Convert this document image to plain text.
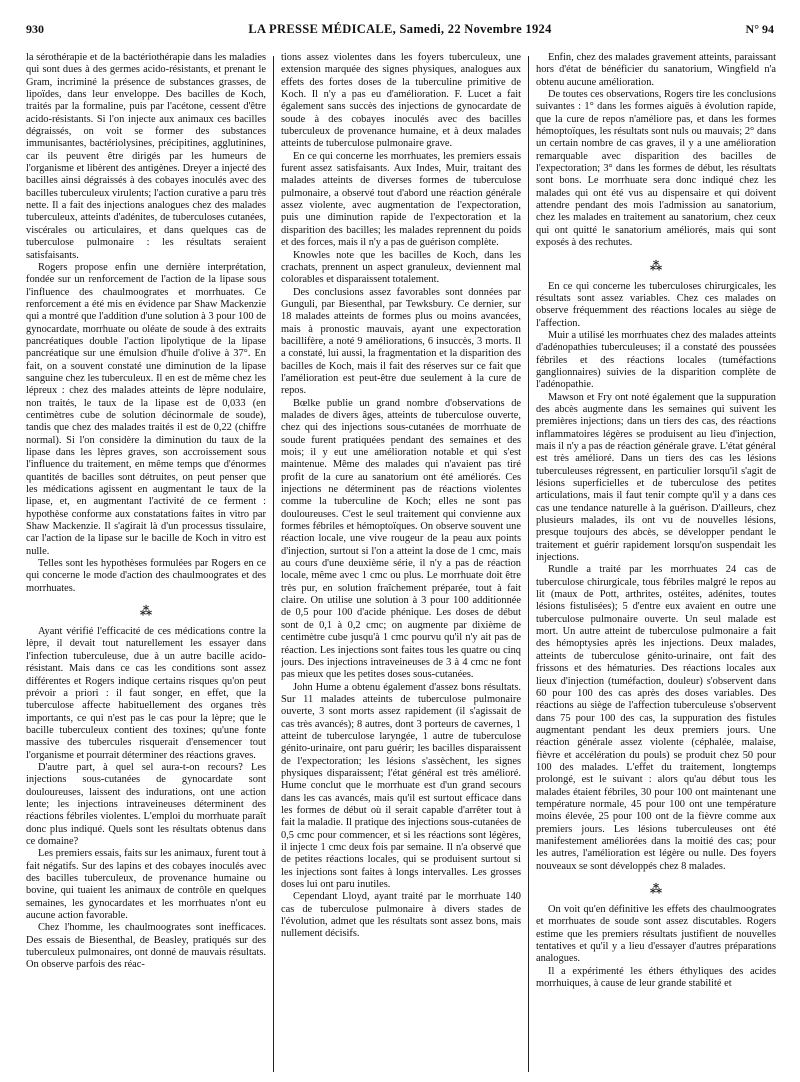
930	LA PRESSE MÉDICALE, Samedi, 22 Novembre 1924	N° 94

la sérothérapie et de la bactériothérapie dans les maladies qui sont dues à des germes acido-résistants, et prenant le Gram, incriminé la présence de substances grasses, de lipoïdes, dans leur enveloppe. Des bacilles de Koch, traités par la formaline, puis par l'acétone, cessent d'être acido-résistants. Si l'on injecte aux animaux ces bacilles dégraissés, on voit se former des substances immunisantes, bactériolysines, précipitines, agglutinines, car ils peuvent être dirigés par les humeurs de l'organisme et libèrent des antigènes. Dreyer a injecté des bacilles ainsi dégraissés à des cobayes inoculés avec des bacilles tuberculeux virulents; l'action curative a paru très nette. Il a fait des injections analogues chez des malades tuberculeux, atteints d'adénites, de tuberculoses cutanées, viscérales ou articulaires, et dans quelques cas de tuberculose pulmonaire : les résultats seraient satisfaisants.

Rogers propose enfin une dernière interprétation, fondée sur un renforcement de l'action de la lipase sous l'influence des chaulmoogrates et morrhuates. Ce renforcement a été mis en évidence par Shaw Mackenzie qui a montré que l'addition d'une solution à 3 pour 100 de gynocardate, morrhuate ou oléate de soude à des extraits pancréatiques double l'action lipolytique de la lipase pancréatique sur une émulsion d'huile d'olive à 37°. En fait, on a souvent constaté une diminution de la lipase sanguine chez les tuberculeux. Il en est de même chez les lépreux : chez des malades atteints de lèpre nodulaire, non traités, le taux de la lipase est de 0,033 (en centimètres cube de solution décinormale de soude), tandis que chez des malades traités il est de 0,22 (chiffre normal). Si l'on considère la diminution du taux de la lipase dans les lèpres graves, son accroissement sous l'influence du traitement, en même temps que d'énormes quantités de bacilles sont détruites, on peut penser que les médications agissent en augmentant le taux de la lipase, et, en augmentant l'activité de ce ferment : hypothèse conforme aux constatations faites in vitro par Shaw Mackenzie. Il s'agirait là d'un processus tissulaire, car l'action de la lipase sur le bacille de Koch in vitro est nulle.

Telles sont les hypothèses formulées par Rogers en ce qui concerne le mode d'action des chaulmoogrates et des morrhuates.

⁂

Ayant vérifié l'efficacité de ces médications contre la lèpre, il devait tout naturellement les essayer dans l'infection tuberculeuse, due à un autre bacille acido-résistant. Mais dans ce cas les conditions sont assez différentes et Rogers indique certains risques qu'on peut prévoir a priori : il faut songer, en effet, que la tuberculose affecte habituellement des organes très importants, ce qui n'est pas le cas pour la lèpre; que le bacille tuberculeux contient des toxines; qu'une fonte massive des tubercules risquerait d'ensemencer tout l'organisme et pourrait déterminer des réactions graves.

D'autre part, à quel sel aura-t-on recours? Les injections sous-cutanées de gynocardate sont douloureuses, laissent des indurations, ont une action lente; les injections intraveineuses déterminent des réactions fébriles violentes. L'emploi du morrhuate paraît donc plus indiqué. Quels sont les résultats obtenus dans ce domaine?

Les premiers essais, faits sur les animaux, furent tout à fait négatifs. Sur des lapins et des cobayes inoculés avec des bacilles tuberculeux, de provenance humaine ou bovine, qui tuaient les animaux de contrôle en quelques semaines, les gynocardates et les morrhuates n'ont eu aucune action favorable.

Chez l'homme, les chaulmoogrates sont inefficaces. Des essais de Biesenthal, de Beasley, pratiqués sur des tuberculeux pulmonaires, ont donné de mauvais résultats. On observe parfois des réac-

tions assez violentes dans les foyers tuberculeux, une extension marquée des signes physiques, analogues aux effets des fortes doses de la tuberculine primitive de Koch. Il n'y a pas eu d'amélioration. F. Lucet a fait également sans succès des injections de gynocardate de soude à des cobayes inoculés avec des bacilles tuberculeux de provenance humaine, et à deux malades atteints de tuberculose pulmonaire grave.

En ce qui concerne les morrhuates, les premiers essais furent assez satisfaisants. Aux Indes, Muir, traitant des malades atteints de diverses formes de tuberculose pulmonaire, a observé tout d'abord une réaction générale assez violente, avec augmentation de l'expectoration, puis une diminution rapide de l'expectoration et la disparition des bacilles; les malades reprennent du poids et des forces, mais il n'y a pas de guérison complète.

Knowles note que les bacilles de Koch, dans les crachats, prennent un aspect granuleux, deviennent mal colorables et disparaissent totalement.

Des conclusions assez favorables sont données par Gunguli, par Biesenthal, par Tewksbury. Ce dernier, sur 18 malades atteints de formes plus ou moins avancées, mais à pronostic mauvais, ayant une expectoration bacillifère, a noté 9 améliorations, 6 insuccès, 3 morts. Il a constaté, lui aussi, la fragmentation et la disparition des bacilles de Koch, mais il fait des réserves sur ce fait que l'amélioration est peut-être due seulement à la cure de repos.

Bœlke publie un grand nombre d'observations de malades de divers âges, atteints de tuberculose ouverte, chez qui des injections sous-cutanées de morrhuate de soude furent pratiquées pendant des semaines et des mois; il y eut une amélioration notable et qui s'est maintenue. Même des malades qui n'avaient pas tiré profit de la cure au sanatorium ont été améliorés. Ces injections ne déterminent pas de réactions violentes comme la tuberculine de Koch; elles ne sont pas douloureuses. C'est le seul traitement qui convienne aux formes fébriles et hémoptoïques. On observe souvent une réaction locale, une vive rougeur de la peau aux points d'injection, surtout si l'on a atteint la dose de 1 cmc, mais au cours d'une deuxième série, il n'y a pas de réaction locale, même avec 1 cmc ou plus. Le morrhuate doit être très pur, en solution fraîchement préparée, tout à fait claire. On utilise une solution à 3 pour 100 additionnée de 0,5 pour 100 d'acide phénique. Les doses de début sont de 0,1 à 0,2 cmc; on augmente par dixième de centimètre cube jusqu'à 1 cmc pourvu qu'il n'y ait pas de réaction. Les injections sont faites tous les quatre ou cinq jours. Des injections intraveineuses de 3 à 4 cmc ne font pas mieux que les petites doses sous-cutanées.

John Hume a obtenu également d'assez bons résultats. Sur 11 malades atteints de tuberculose pulmonaire ouverte, 3 sont morts assez rapidement (il s'agissait de cas très avancés); 8 autres, dont 3 porteurs de cavernes, 1 atteint de tuberculose laryngée, 1 autre de tuberculose génito-urinaire, ont paru guérir; les bacilles disparaissent de l'expectoration; les lésions s'assèchent, les signes physiques disparaissent; l'état général est très amélioré. Hume conclut que le morrhuate est d'un grand secours dans les cas avancés, mais qu'il est surtout efficace dans les formes de début où il serait capable d'arrêter tout à fait la maladie. Il pratique des injections sous-cutanées de 0,5 cmc pour commencer, et si les réactions sont légères, il injecte 1 cmc deux fois par semaine. Il n'a observé que de petites réactions locales, qui se produisent surtout si les injections sont faites à longs intervalles. Les grosses doses lui ont paru inutiles.

Cependant Lloyd, ayant traité par le morrhuate 140 cas de tuberculose pulmonaire à divers stades de l'évolution, admet que les résultats sont assez bons, mais nullement décisifs.

Enfin, chez des malades gravement atteints, paraissant hors d'état de bénéficier du sanatorium, Wingfield n'a obtenu aucune amélioration.

De toutes ces observations, Rogers tire les conclusions suivantes : 1° dans les formes aiguës à évolution rapide, que la cure de repos n'améliore pas, et dans les formes hémoptoïques, les résultats sont nuls ou mauvais; 2° dans un certain nombre de cas graves, il y a une amélioration remarquable avec disparition des bacilles de l'expectoration; 3° dans les formes de début, les résultats sont bons. Le morrhuate sera donc indiqué chez les malades qui ont été vus au dispensaire et qui doivent attendre pendant des mois l'admission au sanatorium, chez les malades en traitement au sanatorium, chez ceux qui ont quitté le sanatorium améliorés, mais qui sont exposés à des rechutes.

⁂

En ce qui concerne les tuberculoses chirurgicales, les résultats sont assez variables. Chez ces malades on observe fréquemment des réactions locales au siège de l'affection.

Muir a utilisé les morrhuates chez des malades atteints d'adénopathies tuberculeuses; il a constaté des poussées fébriles et des réactions locales (tuméfactions ganglionnaires) suivies de la disparition complète de l'adénopathie.

Mawson et Fry ont noté également que la suppuration des abcès augmente dans les semaines qui suivent les premières injections; dans un tiers des cas, des réactions inflammatoires légères se produisent au lieu d'injection, mais il n'y a pas de réaction générale grave. L'état général est très amélioré. Dans un tiers des cas les lésions tuberculeuses régressent, en particulier lorsqu'il s'agit de lésions superficielles et de tuberculose des petites articulations, mais il faut tenir compte qu'il y a dans ces cas une tendance naturelle à la guérison. D'ailleurs, chez plusieurs malades, ils ont vu de nouvelles lésions, presque toujours des abcès, se développer pendant le traitement et guérir rapidement lorsqu'on suspendait les injections.

Rundle a traité par les morrhuates 24 cas de tuberculose chirurgicale, tous fébriles malgré le repos au lit (maux de Pott, arthrites, ostéites, adénites, toutes lésions fistulisées); 5 d'entre eux avaient en outre une tuberculose pulmonaire ouverte. Un seul malade est mort. Un autre atteint de tuberculose pulmonaire a fait des hémoptysies après les injections. Deux malades, atteints de tuberculose génito-urinaire, ont fait des frissons et des hématuries. Des réactions locales aux lieux d'injection (tuméfaction, douleur) s'observent dans 60 pour 100 des cas après des doses variables. Des réactions au siège de l'affection tuberculeuse s'observent dans 75 pour 100 des cas, la suppuration des fistules augmentant pendant les deux premiers jours. Une réaction générale assez violente (céphalée, malaise, fièvre et accélération du pouls) se produit chez 50 pour 100 des malades. L'effet du traitement, longtemps prolongé, est le suivant : alors qu'au début tous les malades étaient fébriles, 30 pour 100 ont maintenant une température normale, 45 pour 100 ont une température moins élevée, 25 pour 100 ont de la fièvre comme aux premiers jours. Les lésions tuberculeuses ont été manifestement améliorées dans la moitié des cas; pour les autres, l'amélioration est légère ou nulle. Des foyers nouveaux se sont développés chez 8 malades.

⁂

On voit qu'en définitive les effets des chaulmoogrates et morrhuates de soude sont assez discutables. Rogers estime que les premiers résultats justifient de nouvelles tentatives et qu'il y a lieu d'essayer d'autres préparations analogues.

Il a expérimenté les éthers éthyliques des acides morrhuiques, à cause de leur grande stabilité et
